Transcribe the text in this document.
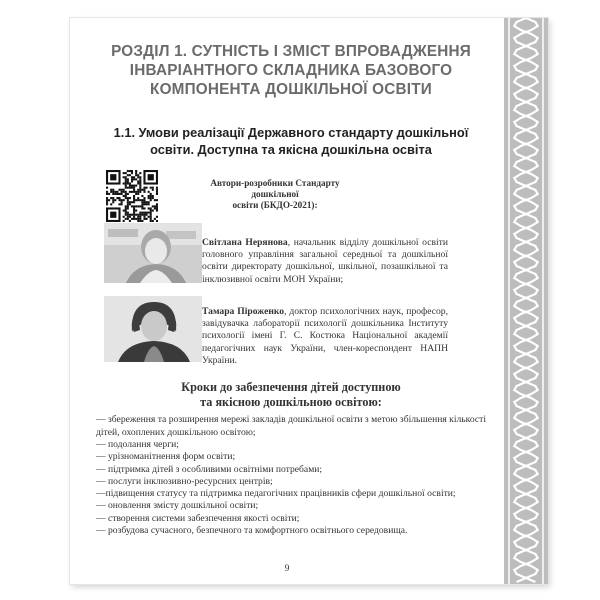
РОЗДІЛ 1. СУТНІСТЬ І ЗМІСТ ВПРОВАДЖЕННЯ
ІНВАРІАНТНОГО СКЛАДНИКА БАЗОВОГО
КОМПОНЕНТА ДОШКІЛЬНОЇ ОСВІТИ
1.1. Умови реалізації Державного стандарту дошкільної
освіти. Доступна та якісна дошкільна освіта
Автори-розробники Стандарту дошкільної
освіти (БКДО-2021):

Світлана Нерянова, начальник відділу дошкільної освіти головного управління загальної середньої та дошкільної освіти директорату дошкільної, шкільної, позашкільної та інклюзивної освіти МОН України;

Тамара Піроженко, доктор психологічних наук, професор, завідувачка лабораторії психології дошкільника Інституту психології імені Г. С. Костюка Національної академії педагогічних наук України, член-кореспондент НАПН України.

Кроки до забезпечення дітей доступною
та якісною дошкільною освітою:
— збереження та розширення мережі закладів дошкільної освіти з метою збільшення кількості дітей, охоплених дошкільною освітою;
— подолання черги;
— урізноманітнення форм освіти;
— підтримка дітей з особливими освітніми потребами;
— послуги інклюзивно-ресурсних центрів;
—підвищення статусу та підтримка педагогічних працівників сфери дошкільної освіти;
— оновлення змісту дошкільної освіти;
— створення системи забезпечення якості освіти;
— розбудова сучасного, безпечного та комфортного освітнього середовища.
9
